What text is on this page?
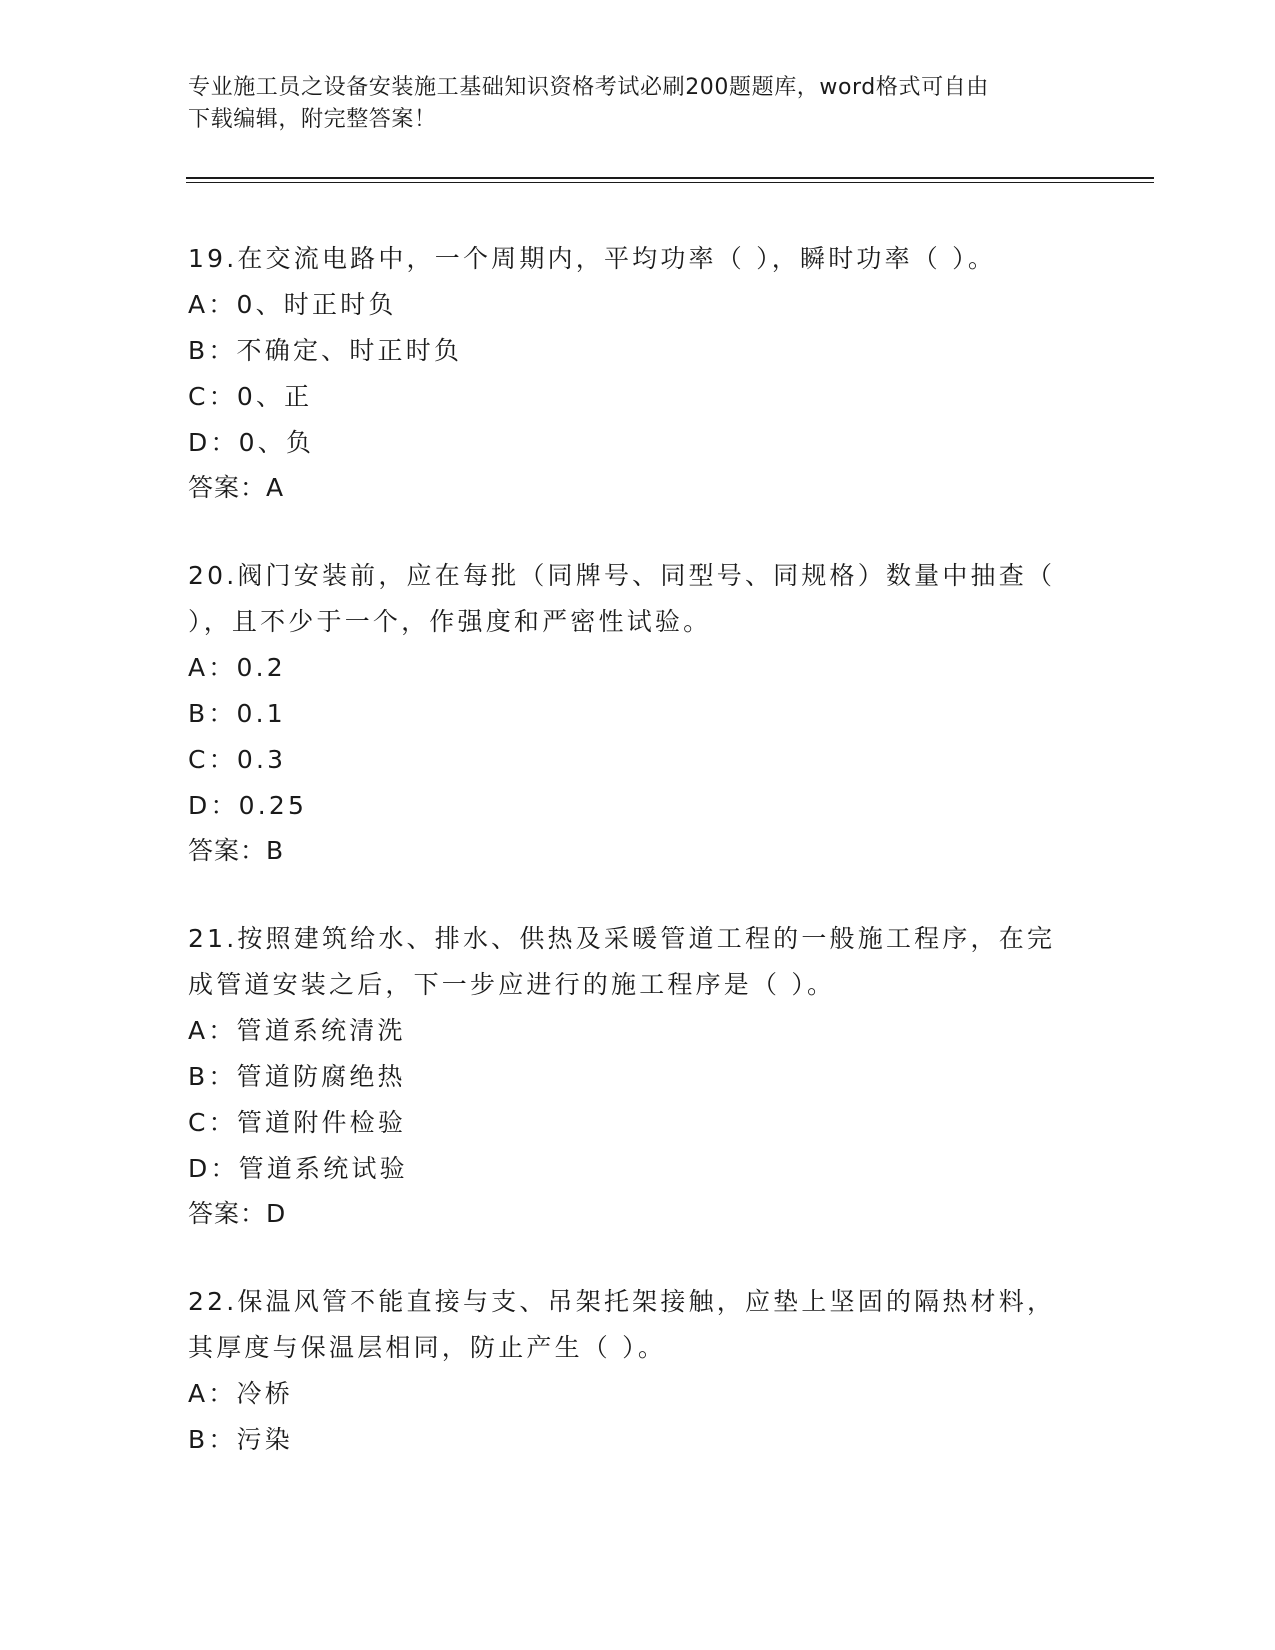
专业施工员之设备安装施工基础知识资格考试必刷200题题库，word格式可自由
下载编辑，附完整答案！

19.在交流电路中，一个周期内，平均功率（ ），瞬时功率（ ）。

A：0、时正时负

B：不确定、时正时负

C：0、正

D：0、负

答案：A

20.阀门安装前，应在每批（同牌号、同型号、同规格）数量中抽查（

），且不少于一个，作强度和严密性试验。

A：0.2

B：0.1

C：0.3

D：0.25

答案：B

21.按照建筑给水、排水、供热及采暖管道工程的一般施工程序，在完

成管道安装之后，下一步应进行的施工程序是（ ）。

A：管道系统清洗

B：管道防腐绝热

C：管道附件检验

D：管道系统试验

答案：D

22.保温风管不能直接与支、吊架托架接触，应垫上坚固的隔热材料，

其厚度与保温层相同，防止产生（ ）。

A：冷桥

B：污染
